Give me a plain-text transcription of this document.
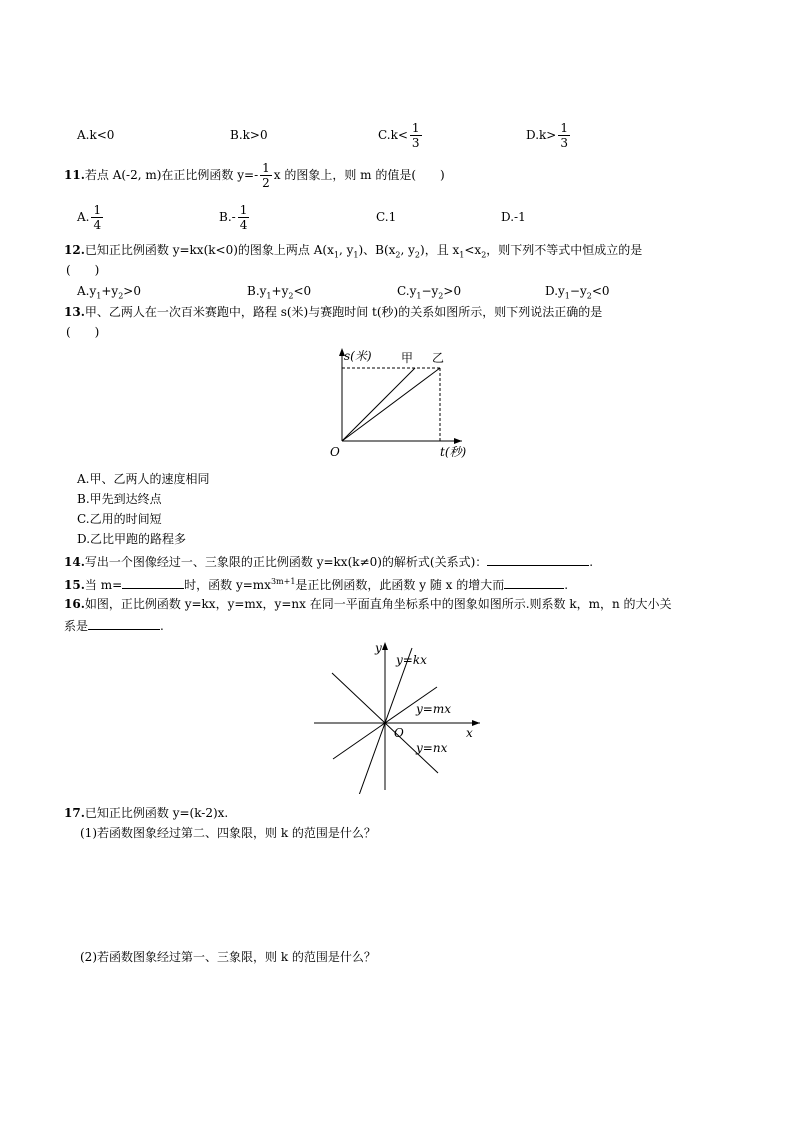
A.k<0	B.k>0	$C.k< \frac{1}{3}$	$D.k> \frac{1}{3}$
11.若点 A(-2, m)在正比例函数 $y=- \frac{1}{2}$ x 的图象上，则 m 的值是(　　)
A. $\frac{1}{4}$	$B.- \frac{1}{4}$	C.1	D.-1
12.已知正比例函数 y=kx(k<0)的图象上两点 $A(x_1$, $y_1$)、$B(x_2$, $y_2$)，且 $x_1<x_2$，则下列不等式中恒成立的是
(　　)
$A.y_1+y_2>0$	$B.y_1+y_2<0$	$C.y_1-y_2>0$	$D.y_1-y_2<0$
13.甲、乙两人在一次百米赛跑中，路程 s(米)与赛跑时间 t(秒)的关系如图所示，则下列说法正确的是
(　　)
s(米) 甲 乙
O	t(秒)
A.甲、乙两人的速度相同
B.甲先到达终点
C.乙用的时间短
D.乙比甲跑的路程多
14.写出一个图像经过一、三象限的正比例函数 y=kx(k≠0)的解析式(关系式)：	.
15.当 m=	时，函数 $y=mx^{3m+1}$是正比例函数，此函数 y 随 x 的增大而	.
16.如图，正比例函数 y=kx，y=mx，y=nx 在同一平面直角坐标系中的图象如图所示.则系数 k，m，n 的大小关
系是	.
y
y=kx
y=mx
O	x
y=nx
17.已知正比例函数 y=(k-2)x.
(1)若函数图象经过第二、四象限，则 k 的范围是什么？
(2)若函数图象经过第一、三象限，则 k 的范围是什么？
